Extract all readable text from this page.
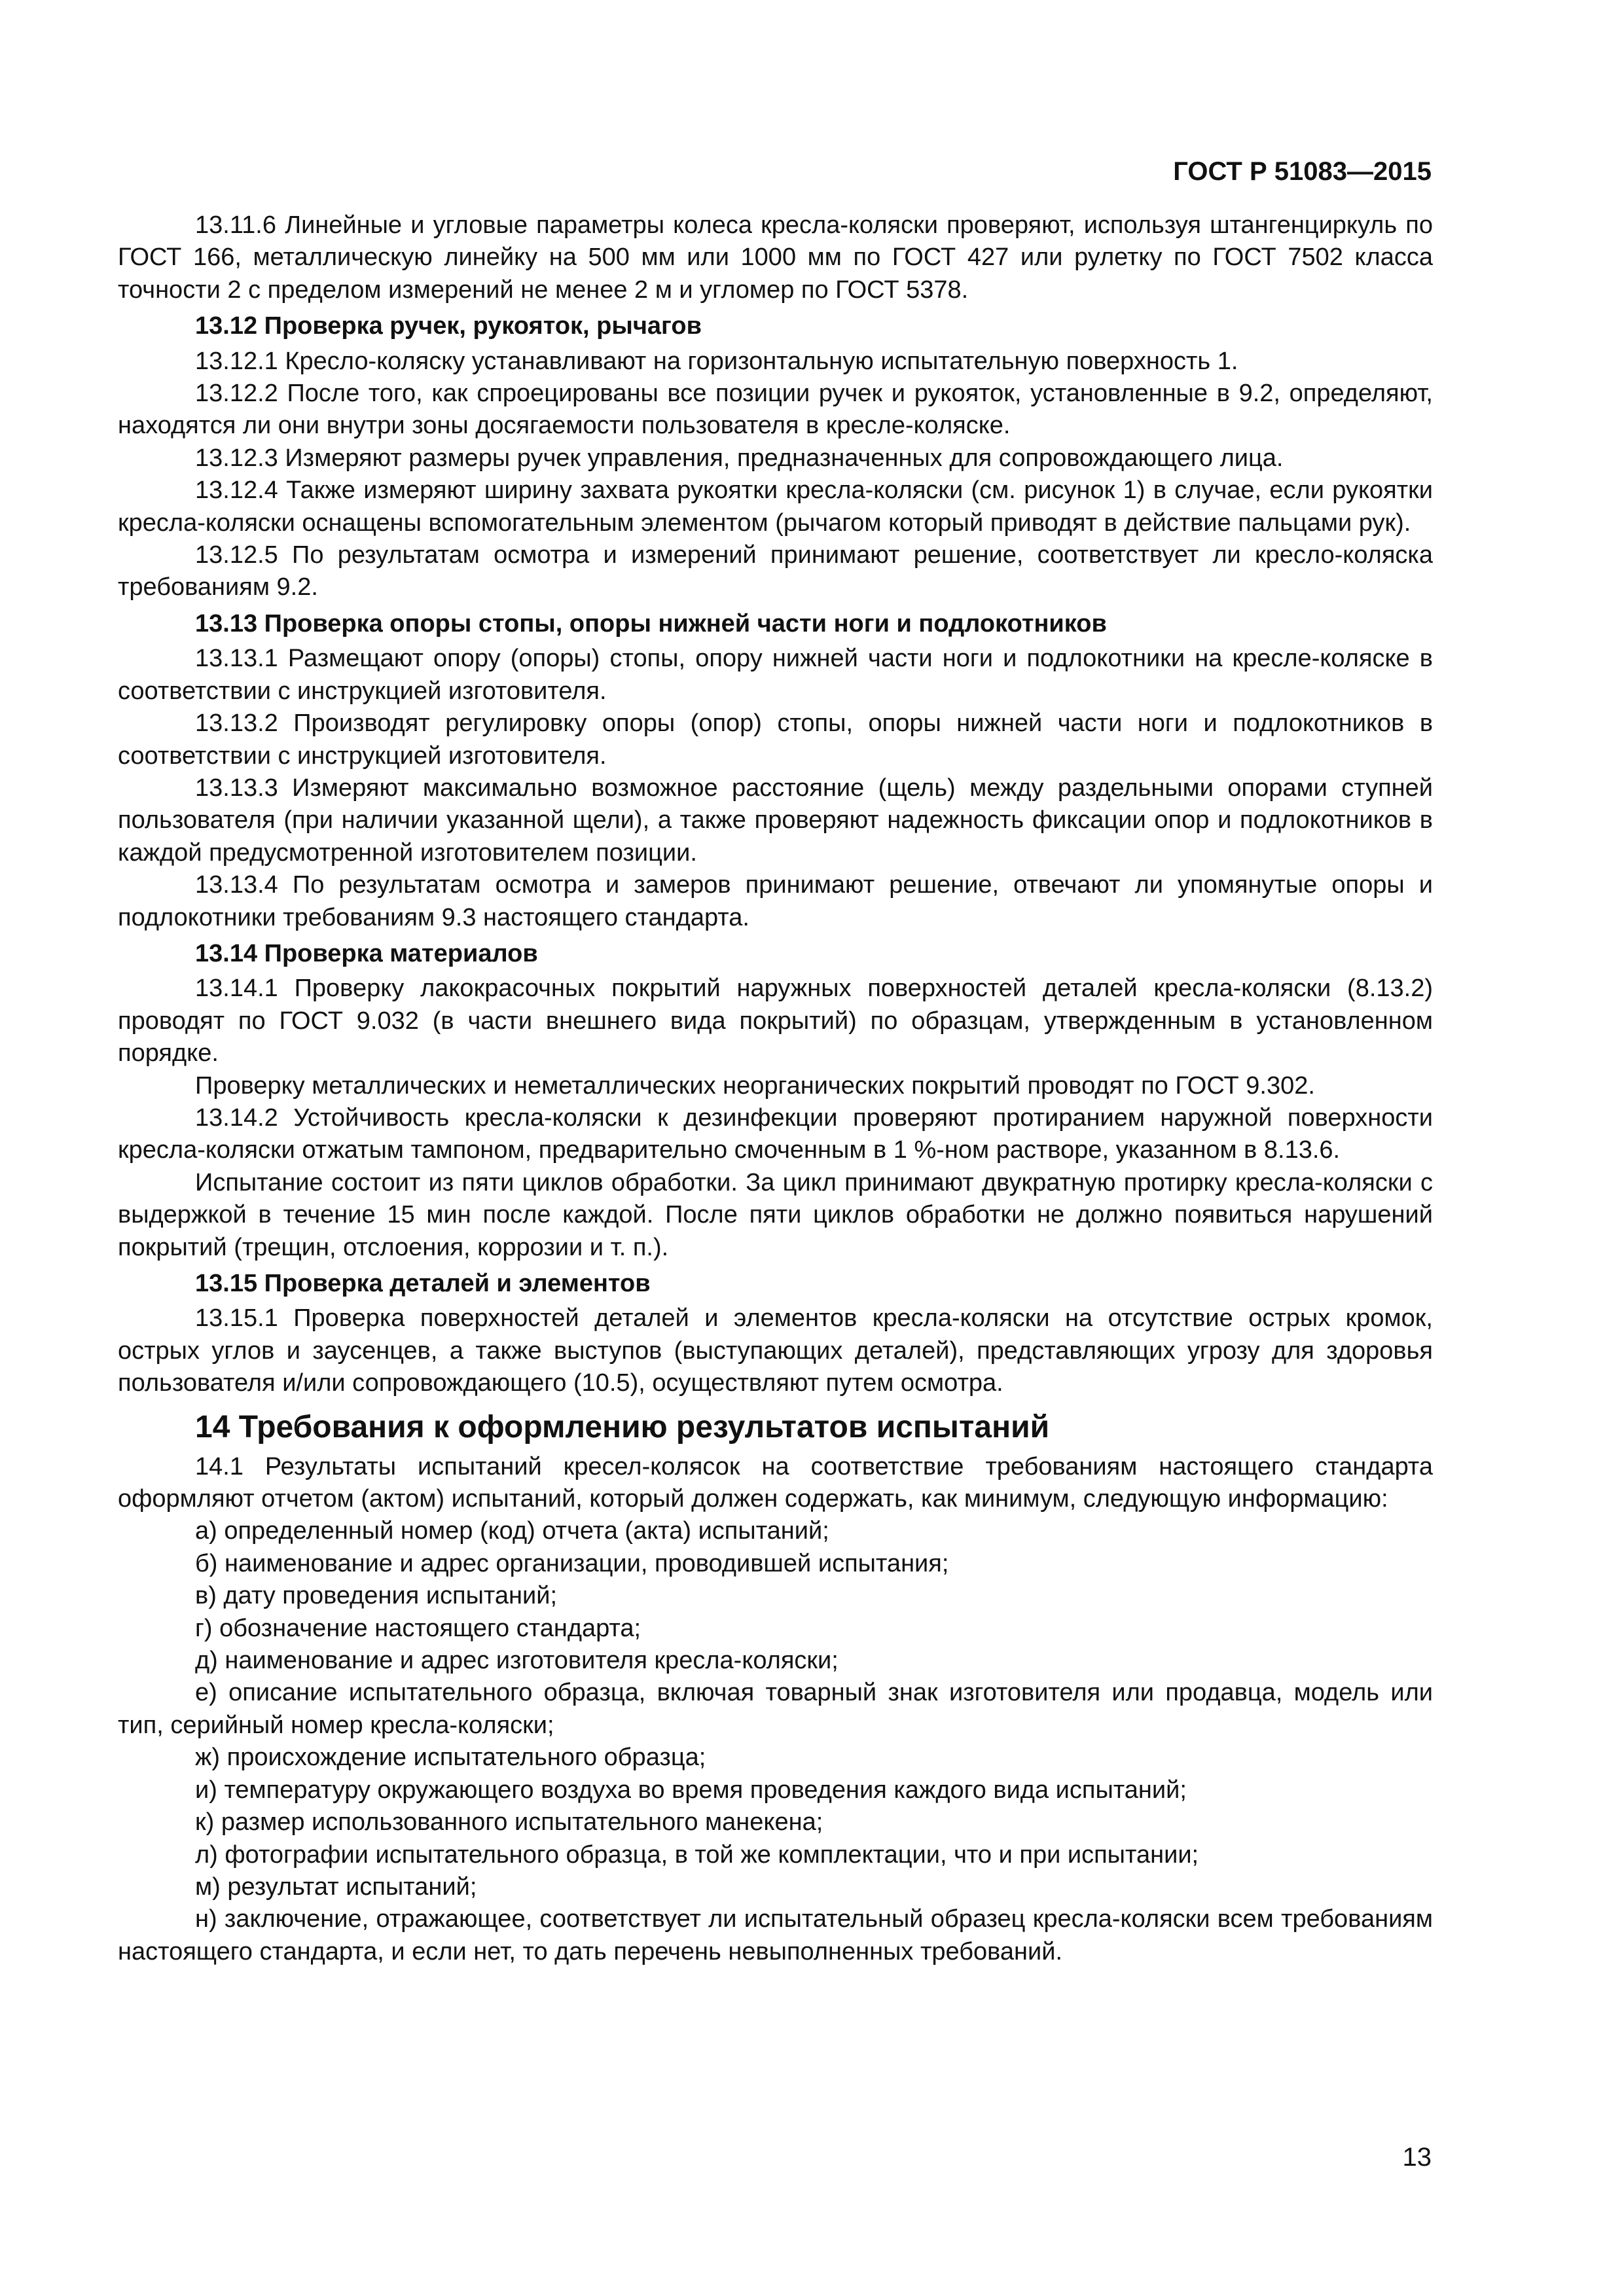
ГОСТ Р 51083—2015

13.11.6 Линейные и угловые параметры колеса кресла-коляски проверяют, используя штангенциркуль по ГОСТ 166, металлическую линейку на 500 мм или 1000 мм по ГОСТ 427 или рулетку по ГОСТ 7502 класса точности 2 с пределом измерений не менее 2 м и угломер по ГОСТ 5378.

13.12 Проверка ручек, рукояток, рычагов

13.12.1 Кресло-коляску устанавливают на горизонтальную испытательную поверхность 1.

13.12.2 После того, как спроецированы все позиции ручек и рукояток, установленные в 9.2, определяют, находятся ли они внутри зоны досягаемости пользователя в кресле-коляске.

13.12.3 Измеряют размеры ручек управления, предназначенных для сопровождающего лица.

13.12.4 Также измеряют ширину захвата рукоятки кресла-коляски (см. рисунок 1) в случае, если рукоятки кресла-коляски оснащены вспомогательным элементом (рычагом который приводят в действие пальцами рук).

13.12.5 По результатам осмотра и измерений принимают решение, соответствует ли кресло-коляска требованиям 9.2.

13.13 Проверка опоры стопы, опоры нижней части ноги и подлокотников

13.13.1 Размещают опору (опоры) стопы, опору нижней части ноги и подлокотники на кресле-коляске в соответствии с инструкцией изготовителя.

13.13.2 Производят регулировку опоры (опор) стопы, опоры нижней части ноги и подлокотников в соответствии с инструкцией изготовителя.

13.13.3 Измеряют максимально возможное расстояние (щель) между раздельными опорами ступней пользователя (при наличии указанной щели), а также проверяют надежность фиксации опор и подлокотников в каждой предусмотренной изготовителем позиции.

13.13.4 По результатам осмотра и замеров принимают решение, отвечают ли упомянутые опоры и подлокотники требованиям 9.3 настоящего стандарта.

13.14 Проверка материалов

13.14.1 Проверку лакокрасочных покрытий наружных поверхностей деталей кресла-коляски (8.13.2) проводят по ГОСТ 9.032 (в части внешнего вида покрытий) по образцам, утвержденным в установленном порядке.

Проверку металлических и неметаллических неорганических покрытий проводят по ГОСТ 9.302.

13.14.2 Устойчивость кресла-коляски к дезинфекции проверяют протиранием наружной поверхности кресла-коляски отжатым тампоном, предварительно смоченным в 1 %-ном растворе, указанном в 8.13.6.

Испытание состоит из пяти циклов обработки. За цикл принимают двукратную протирку кресла-коляски с выдержкой в течение 15 мин после каждой. После пяти циклов обработки не должно появиться нарушений покрытий (трещин, отслоения, коррозии и т. п.).

13.15 Проверка деталей и элементов

13.15.1 Проверка поверхностей деталей и элементов кресла-коляски на отсутствие острых кромок, острых углов и заусенцев, а также выступов (выступающих деталей), представляющих угрозу для здоровья пользователя и/или сопровождающего (10.5), осуществляют путем осмотра.

14 Требования к оформлению результатов испытаний

14.1 Результаты испытаний кресел-колясок на соответствие требованиям настоящего стандарта оформляют отчетом (актом) испытаний, который должен содержать, как минимум, следующую информацию:

а) определенный номер (код) отчета (акта) испытаний;

б) наименование и адрес организации, проводившей испытания;

в) дату проведения испытаний;

г) обозначение настоящего стандарта;

д) наименование и адрес изготовителя кресла-коляски;

е) описание испытательного образца, включая товарный знак изготовителя или продавца, модель или тип, серийный номер кресла-коляски;

ж) происхождение испытательного образца;

и) температуру окружающего воздуха во время проведения каждого вида испытаний;

к) размер использованного испытательного манекена;

л) фотографии испытательного образца, в той же комплектации, что и при испытании;

м) результат испытаний;

н) заключение, отражающее, соответствует ли испытательный образец кресла-коляски всем требованиям настоящего стандарта, и если нет, то дать перечень невыполненных требований.

13
